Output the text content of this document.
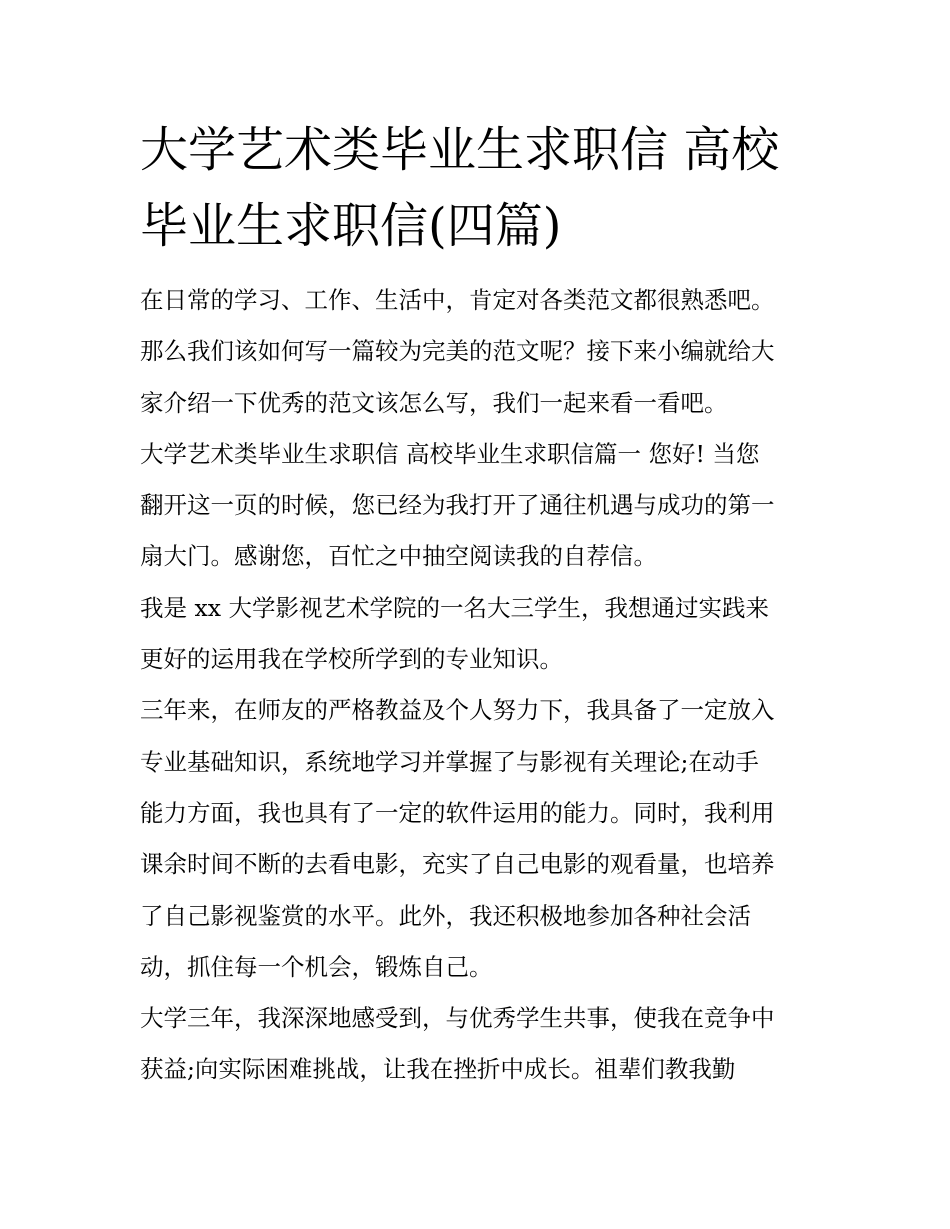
大学艺术类毕业生求职信 高校
毕业生求职信(四篇)
在日常的学习、工作、生活中，肯定对各类范文都很熟悉吧。
那么我们该如何写一篇较为完美的范文呢？接下来小编就给大
家介绍一下优秀的范文该怎么写，我们一起来看一看吧。
大学艺术类毕业生求职信 高校毕业生求职信篇一 您好! 当您
翻开这一页的时候，您已经为我打开了通往机遇与成功的第一
扇大门。感谢您，百忙之中抽空阅读我的自荐信。
我是 xx 大学影视艺术学院的一名大三学生，我想通过实践来
更好的运用我在学校所学到的专业知识。
三年来，在师友的严格教益及个人努力下，我具备了一定放入
专业基础知识，系统地学习并掌握了与影视有关理论;在动手
能力方面，我也具有了一定的软件运用的能力。同时，我利用
课余时间不断的去看电影，充实了自己电影的观看量，也培养
了自己影视鉴赏的水平。此外，我还积极地参加各种社会活
动，抓住每一个机会，锻炼自己。
大学三年，我深深地感受到，与优秀学生共事，使我在竞争中
获益;向实际困难挑战，让我在挫折中成长。祖辈们教我勤
